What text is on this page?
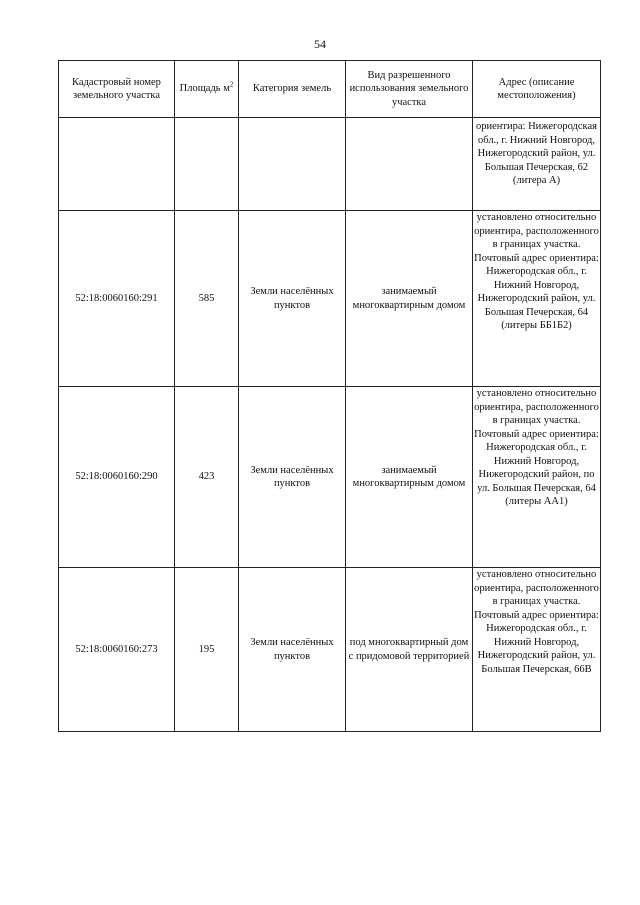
54
Кадастровый номер земельного участка	Площадь $м^2$	Категория земель	Вид разрешенного использования земельного участка	Адрес (описание местоположения)
				ориентира: Нижегородская обл., г. Нижний Новгород, Нижегородский район, ул. Большая Печерская, 62 (литера А)
52:18:0060160:291	585	Земли населённых пунктов	занимаемый многоквартирным домом	установлено относительно ориентира, расположенного в границах участка. Почтовый адрес ориентира: Нижегородская обл., г. Нижний Новгород, Нижегородский район, ул. Большая Печерская, 64 (литеры ББ1Б2)
52:18:0060160:290	423	Земли населённых пунктов	занимаемый многоквартирным домом	установлено относительно ориентира, расположенного в границах участка. Почтовый адрес ориентира: Нижегородская обл., г. Нижний Новгород, Нижегородский район, по ул. Большая Печерская, 64 (литеры АА1)
52:18:0060160:273	195	Земли населённых пунктов	под многоквартирный дом с придомовой территорией	установлено относительно ориентира, расположенного в границах участка. Почтовый адрес ориентира: Нижегородская обл., г. Нижний Новгород, Нижегородский район, ул. Большая Печерская, 66В
